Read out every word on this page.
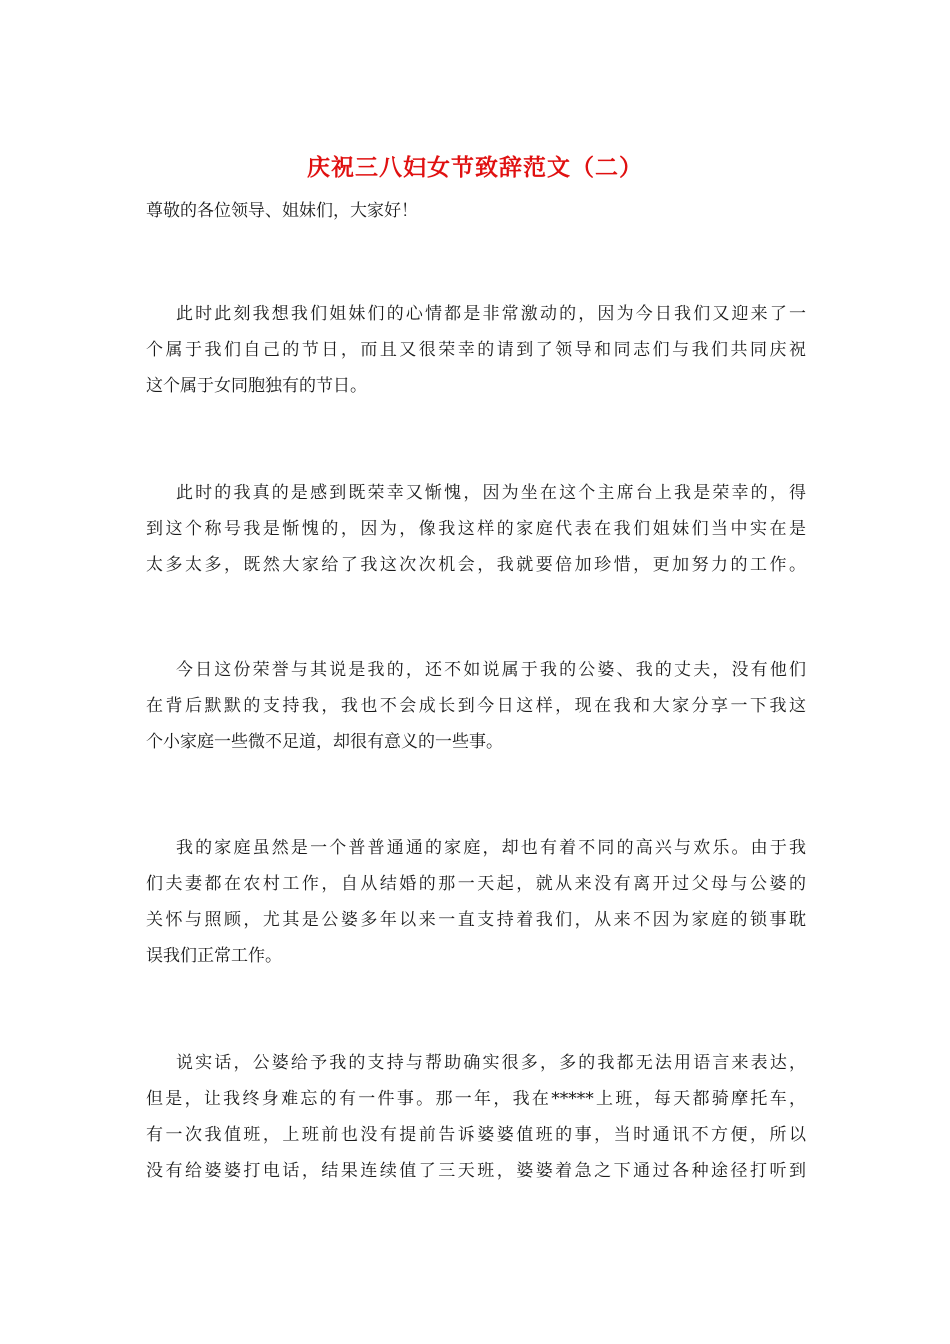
庆祝三八妇女节致辞范文（二）

尊敬的各位领导、姐妹们，大家好！

此时此刻我想我们姐妹们的心情都是非常激动的，因为今日我们又迎来了一
个属于我们自己的节日，而且又很荣幸的请到了领导和同志们与我们共同庆祝
这个属于女同胞独有的节日。

此时的我真的是感到既荣幸又惭愧，因为坐在这个主席台上我是荣幸的，得
到这个称号我是惭愧的，因为，像我这样的家庭代表在我们姐妹们当中实在是
太多太多，既然大家给了我这次次机会，我就要倍加珍惜，更加努力的工作。

今日这份荣誉与其说是我的，还不如说属于我的公婆、我的丈夫，没有他们
在背后默默的支持我，我也不会成长到今日这样，现在我和大家分享一下我这
个小家庭一些微不足道，却很有意义的一些事。

我的家庭虽然是一个普普通通的家庭，却也有着不同的高兴与欢乐。由于我
们夫妻都在农村工作，自从结婚的那一天起，就从来没有离开过父母与公婆的
关怀与照顾，尤其是公婆多年以来一直支持着我们，从来不因为家庭的锁事耽
误我们正常工作。

说实话，公婆给予我的支持与帮助确实很多，多的我都无法用语言来表达，
但是，让我终身难忘的有一件事。那一年，我在*****上班，每天都骑摩托车，
有一次我值班，上班前也没有提前告诉婆婆值班的事，当时通讯不方便，所以
没有给婆婆打电话，结果连续值了三天班，婆婆着急之下通过各种途径打听到
